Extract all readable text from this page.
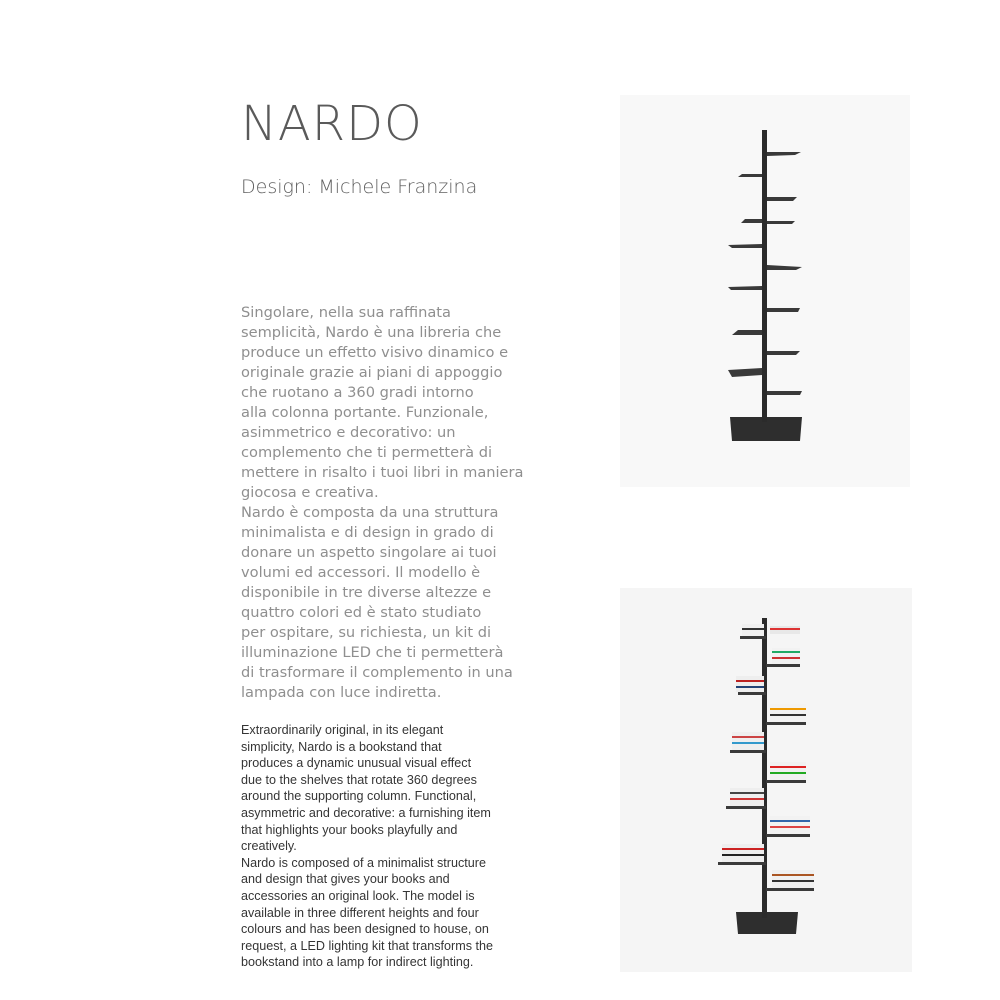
NARDO

Design: Michele Franzina

Singolare, nella sua raffinata
semplicità, Nardo è una libreria che
produce un effetto visivo dinamico e
originale grazie ai piani di appoggio
che ruotano a 360 gradi intorno
alla colonna portante. Funzionale,
asimmetrico e decorativo: un
complemento che ti permetterà di
mettere in risalto i tuoi libri in maniera
giocosa e creativa.
Nardo è composta da una struttura
minimalista e di design in grado di
donare un aspetto singolare ai tuoi
volumi ed accessori. Il modello è
disponibile in tre diverse altezze e
quattro colori ed è stato studiato
per ospitare, su richiesta, un kit di
illuminazione LED che ti permetterà
di trasformare il complemento in una
lampada con luce indiretta.
Extraordinarily original, in its elegant
simplicity, Nardo is a bookstand that
produces a dynamic unusual visual effect
due to the shelves that rotate 360 degrees
around the supporting column. Functional,
asymmetric and decorative: a furnishing item
that highlights your books playfully and
creatively.
Nardo is composed of a minimalist structure
and design that gives your books and
accessories an original look. The model is
available in three different heights and four
colours and has been designed to house, on
request, a LED lighting kit that transforms the
bookstand into a lamp for indirect lighting.
